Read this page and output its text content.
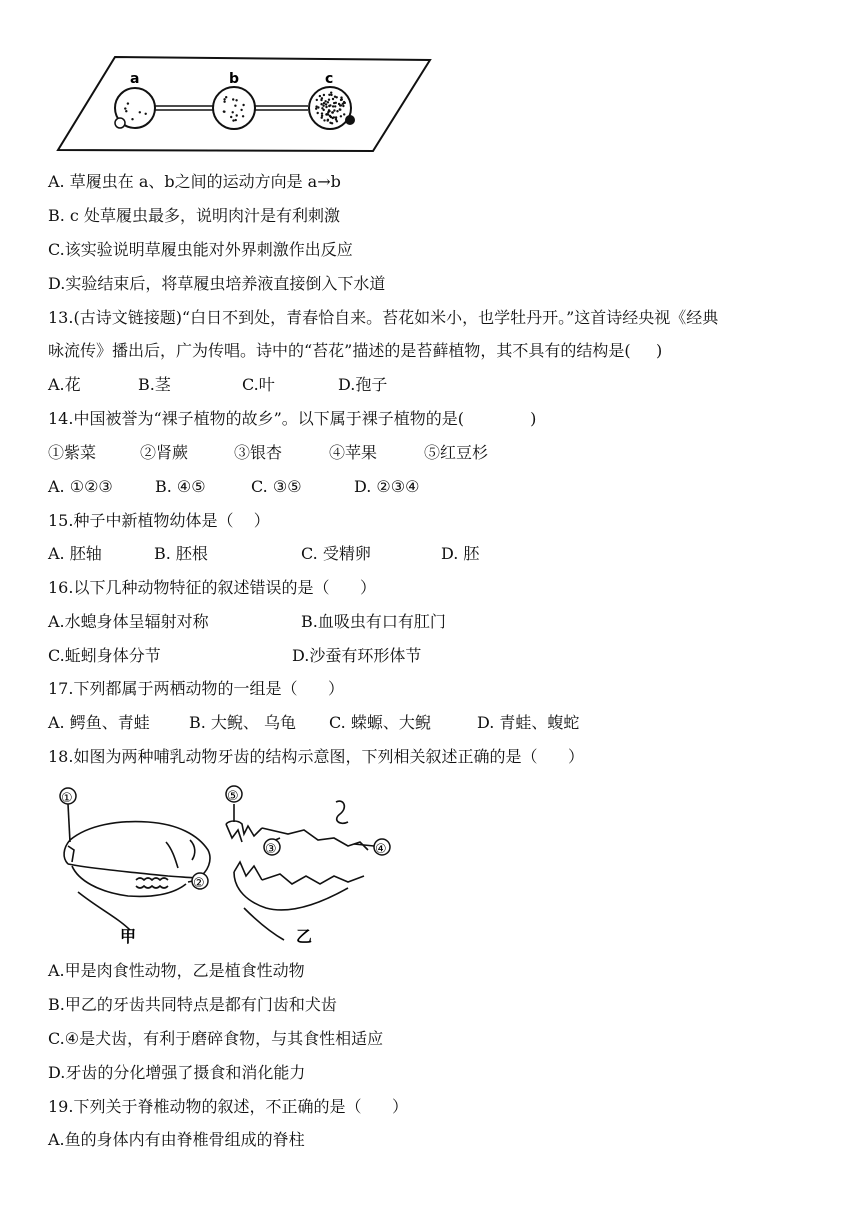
a	b	c
A. 草履虫在 a、b之间的运动方向是 a→b
B. c 处草履虫最多，说明肉汁是有利刺激
C.该实验说明草履虫能对外界刺激作出反应
D.实验结束后，将草履虫培养液直接倒入下水道
13.(古诗文链接题)“白日不到处，青春恰自来。苔花如米小，也学牡丹开。”这首诗经央视《经典
咏流传》播出后，广为传唱。诗中的“苔花”描述的是苔藓植物，其不具有的结构是(     )
A.花	B.茎	C.叶	D.孢子
14.中国被誉为“裸子植物的故乡”。以下属于裸子植物的是(             )
①紫菜	②肾蕨	③银杏	④苹果	⑤红豆杉
A. ①②③	B. ④⑤	C. ③⑤	D. ②③④
15.种子中新植物幼体是（    ）
A. 胚轴	B. 胚根	C. 受精卵	D. 胚
16.以下几种动物特征的叙述错误的是（      ）
A.水螅身体呈辐射对称	B.血吸虫有口有肛门
C.蚯蚓身体分节	D.沙蚕有环形体节
17.下列都属于两栖动物的一组是（      ）
A. 鳄鱼、青蛙 B. 大鲵、 乌龟 C. 蝾螈、大鲵	D. 青蛙、蝮蛇
18.如图为两种哺乳动物牙齿的结构示意图，下列相关叙述正确的是（      ）
①
②
⑤
③	④
甲	乙
A.甲是肉食性动物，乙是植食性动物
B.甲乙的牙齿共同特点是都有门齿和犬齿
C.④是犬齿，有利于磨碎食物，与其食性相适应
D.牙齿的分化增强了摄食和消化能力
19.下列关于脊椎动物的叙述，不正确的是（      ）
A.鱼的身体内有由脊椎骨组成的脊柱
